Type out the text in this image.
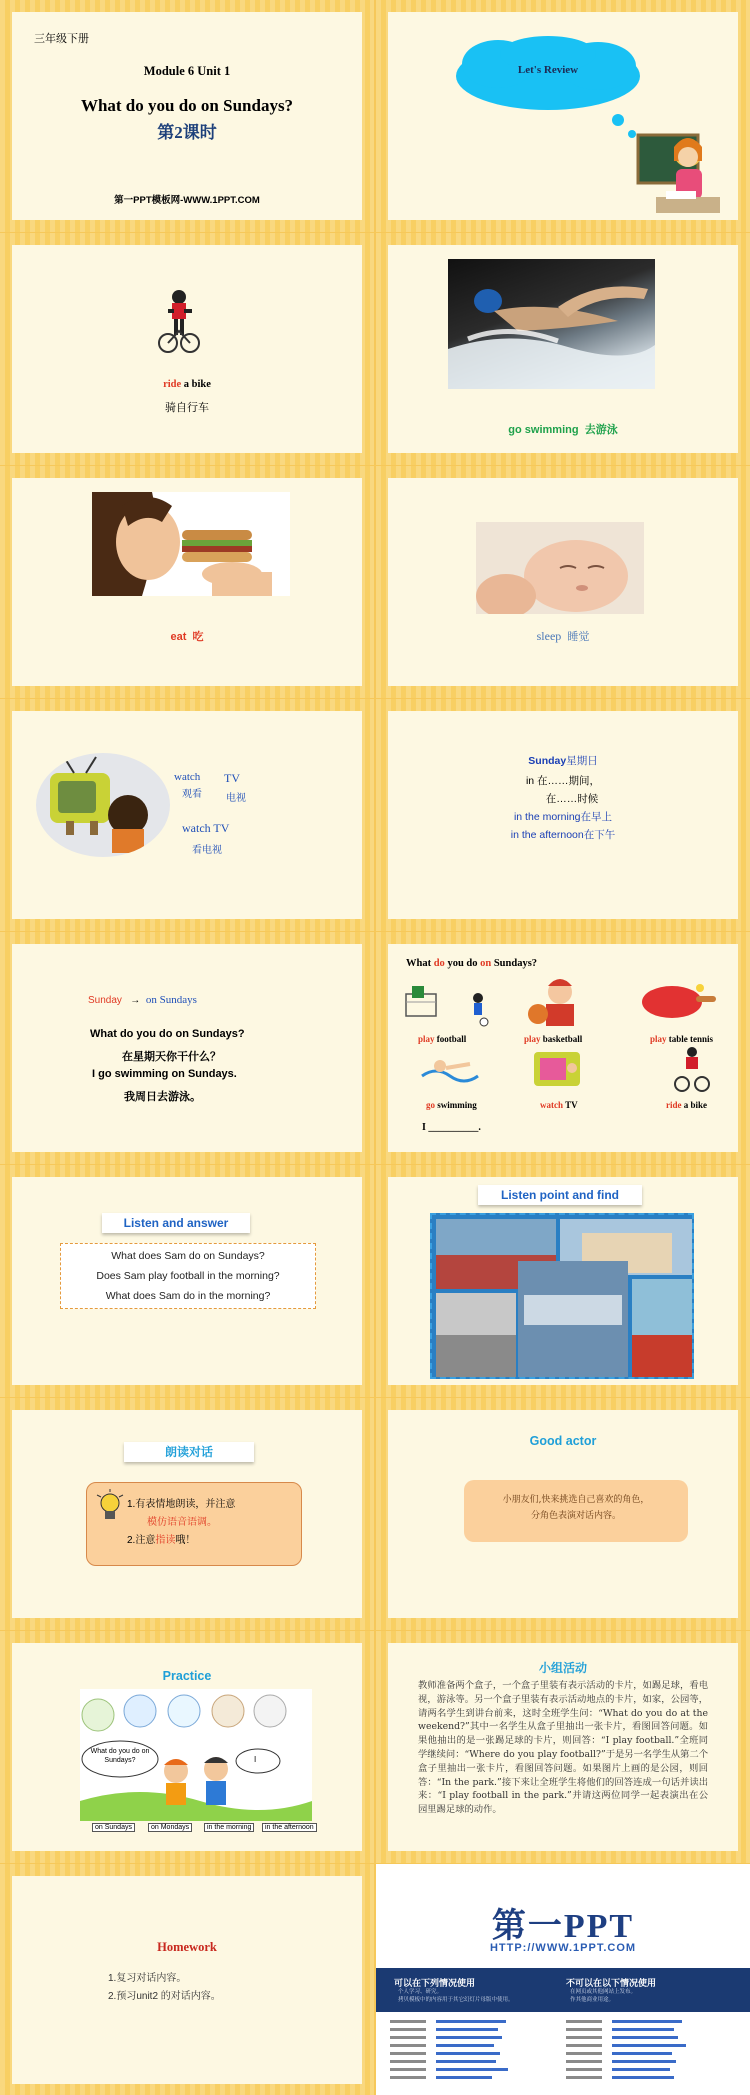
三年级下册
Module 6 Unit 1
What do you do on Sundays?
第2课时
第一PPT模板网-WWW.1PPT.COM
Let's Review
ride a bike
骑自行车
go swimming 去游泳
eat 吃	sleep 睡觉
watch
观看
TV
电视
watch TV
看电视
Sunday星期日
in 在……期间，
在……时候
in the morning在早上
in the afternoon在下午
Sunday → on Sundays
What do you do on Sundays?
在星期天你干什么？
I go swimming on Sundays.
我周日去游泳。
What do you do on Sundays?
play football	play basketball	play table tennis
go swimming	watch TV	ride a bike
I __________.
Listen and answer
What does Sam do on Sundays?
Does Sam play football in the morning?
What does Sam do in the morning?
Listen point and find
朗读对话
1.有表情地朗读，并注意
模仿语音语调。
2.注意指读哦！
Good actor
小朋友们,快来挑选自己喜欢的角色，
分角色表演对话内容。
Practice
What do you do on Sundays?	I
on Sundays	on Mondays	in the morning	in the afternoon
小组活动
教师准备两个盒子，一个盒子里装有表示活动的卡片，如踢足球，看电视，游泳等。另一个盒子里装有表示活动地点的卡片，如家，公园等，请两名学生到讲台前来，这时全班学生问：“What do you do at the weekend?”其中一名学生从盒子里抽出一张卡片，看图回答问题。如果他抽出的是一张踢足球的卡片，则回答：“I play football.”全班同学继续问：“Where do you play football?”于是另一名学生从第二个盒子里抽出一张卡片，看图回答问题。如果图片上画的是公园，则回答：“In the park.”接下来让全班学生将他们的回答连成一句话并读出来：“I play football in the park.”并请这两位同学一起表演出在公园里踢足球的动作。
Homework
1.复习对话内容。
2.预习unit2 的对话内容。
第一PPT
HTTP://WWW.1PPT.COM
可以在下列情况使用
个人学习、研究。
拷贝模板中的内容用于其它幻灯片母版中使用。
不可以在以下情况使用
在网页或其他网站上发布。
作其他商业用途。
